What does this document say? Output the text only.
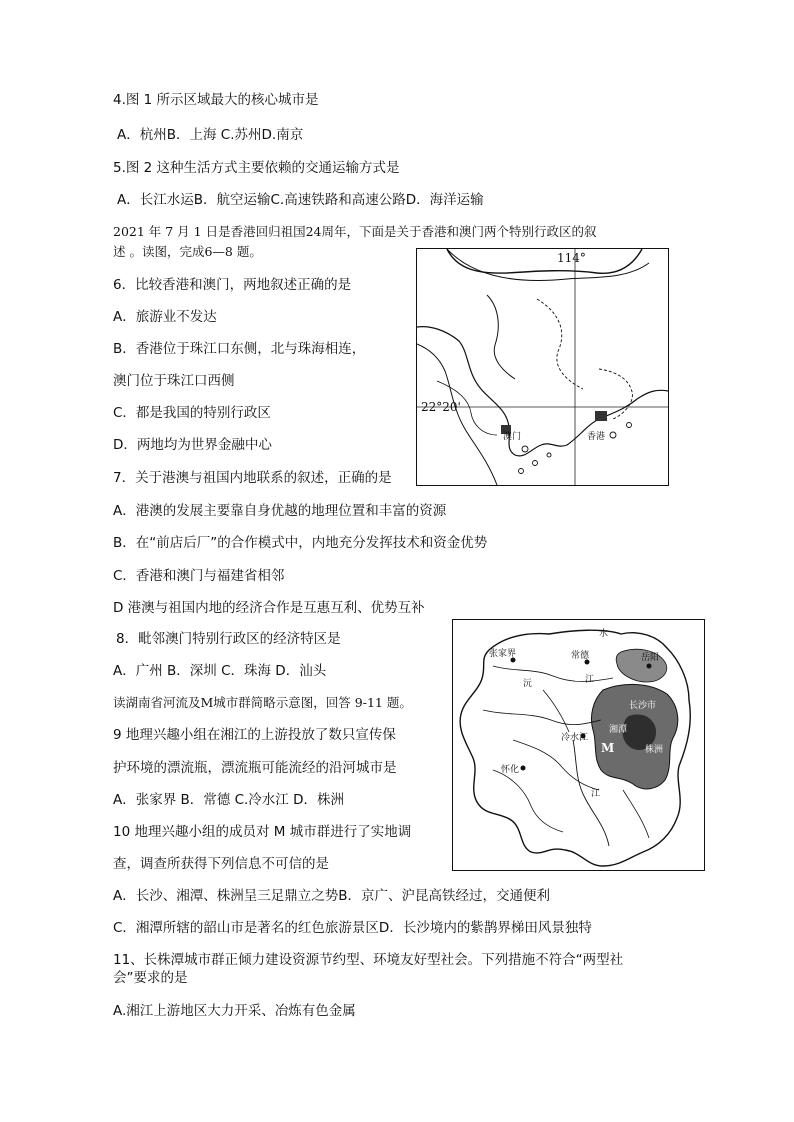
4.图 1 所示区域最大的核心城市是
A．杭州B．上海 C.苏州D.南京
5.图 2 这种生活方式主要依赖的交通运输方式是
A．长江水运B．航空运输C.高速铁路和高速公路D．海洋运输
2021 年 7 月 1 日是香港回归祖国24周年，下面是关于香港和澳门两个特别行政区的叙
述 。读图，完成6—8 题。
6．比较香港和澳门，两地叙述正确的是
A．旅游业不发达
B．香港位于珠江口东侧，北与珠海相连，
澳门位于珠江口西侧
C．都是我国的特别行政区
D．两地均为世界金融中心
7．关于港澳与祖国内地联系的叙述，正确的是
A．港澳的发展主要靠自身优越的地理位置和丰富的资源
B．在“前店后厂”的合作模式中，内地充分发挥技术和资金优势
C．香港和澳门与福建省相邻
D 港澳与祖国内地的经济合作是互惠互利、优势互补
8．毗邻澳门特别行政区的经济特区是
A．广州 B．深圳 C．珠海 D．汕头
读湖南省河流及M城市群简略示意图，回答 9-11 题。
9 地理兴趣小组在湘江的上游投放了数只宣传保
护环境的漂流瓶，漂流瓶可能流经的沿河城市是
A．张家界 B．常德 C.冷水江 D．株洲
10 地理兴趣小组的成员对 M 城市群进行了实地调
查，调查所获得下列信息不可信的是
A．长沙、湘潭、株洲呈三足鼎立之势B．京广、沪昆高铁经过，交通便利
C．湘潭所辖的韶山市是著名的红色旅游景区D．长沙境内的紫鹊界梯田风景独特
11、长株潭城市群正倾力建设资源节约型、环境友好型社会。下列措施不符合“两型社
会”要求的是
A.湘江上游地区大力开采、冶炼有色金属
114°
22°20'
澳门	香港
水
张家界	常德	岳阳
沅	江
长沙市
湘潭
株洲
冷水江
怀化
江
M
